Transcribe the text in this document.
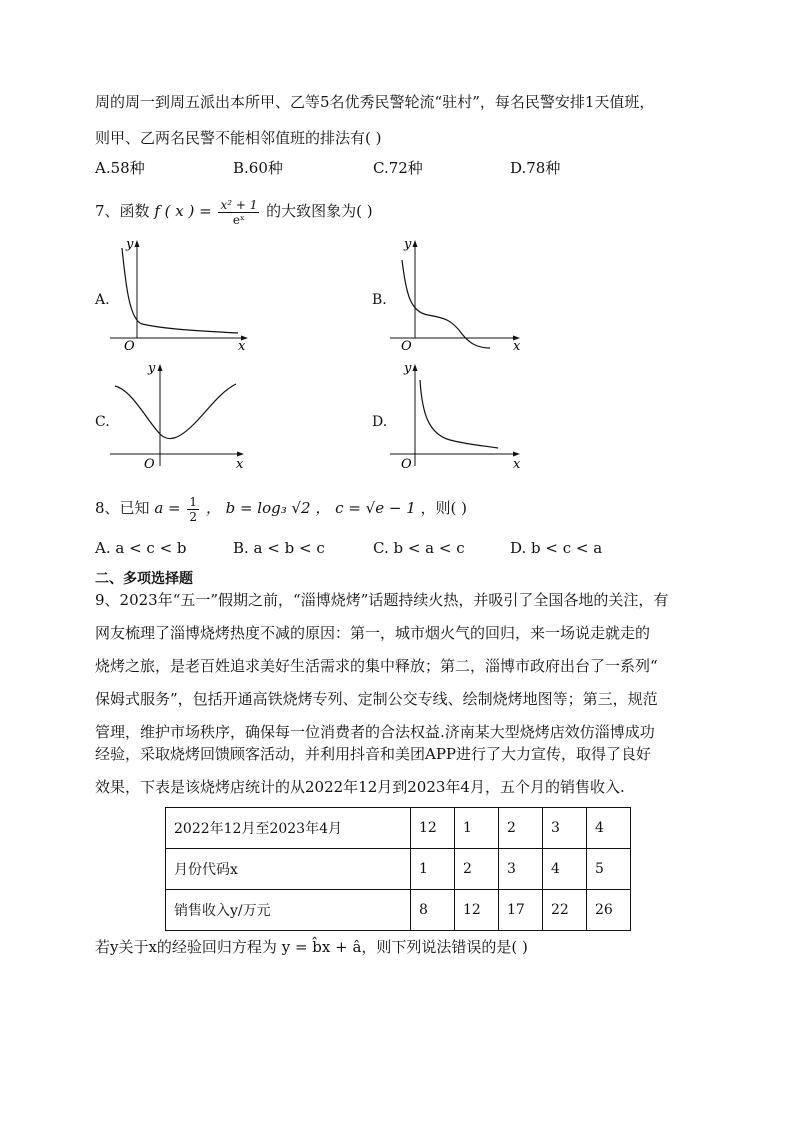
周的周一到周五派出本所甲、乙等5名优秀民警轮流“驻村”，每名民警安排1天值班，
则甲、乙两名民警不能相邻值班的排法有( )
A.58种	B.60种	C.72种	D.78种
7、函数 f ( x ) = $\frac{\text{x² + 1}}{\text{eˣ}}$ 的大致图象为( )
A.	B.
C.	D.
y
x
O
y
x
O
y
x
O
y
x
O
8、已知 $a = \frac{1}{2}$ ， b = log₃ √2 ， c = √e − 1 ，则( )
A. a < c < b	B. a < b < c	C. b < a < c	D. b < c < a
二、多项选择题
9、2023年“五一”假期之前，“淄博烧烤”话题持续火热，并吸引了全国各地的关注，有
网友梳理了淄博烧烤热度不减的原因：第一，城市烟火气的回归，来一场说走就走的
烧烤之旅，是老百姓追求美好生活需求的集中释放；第二，淄博市政府出台了一系列“
保姆式服务”，包括开通高铁烧烤专列、定制公交专线、绘制烧烤地图等；第三，规范
管理，维护市场秩序，确保每一位消费者的合法权益.济南某大型烧烤店效仿淄博成功
经验，采取烧烤回馈顾客活动，并利用抖音和美团APP进行了大力宣传，取得了良好
效果，下表是该烧烤店统计的从2022年12月到2023年4月，五个月的销售收入.
2022年12月至2023年4月	12	1	2	3	4
月份代码x	1	2	3	4	5
销售收入y/万元	8	12	17	22	26
若y关于x的经验回归方程为 y = b̂x + â，则下列说法错误的是( )
